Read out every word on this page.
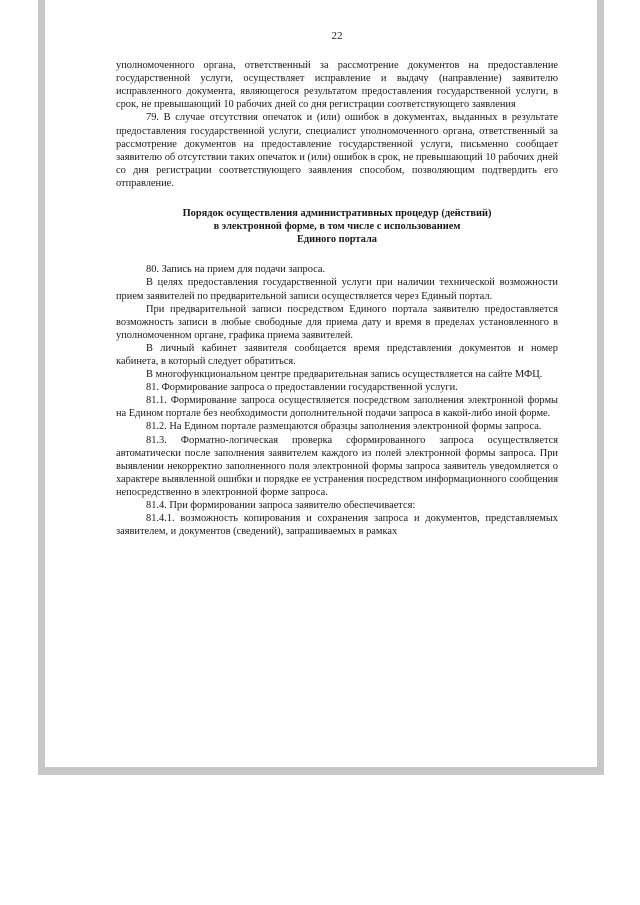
22

уполномоченного органа, ответственный за рассмотрение документов на предоставление государственной услуги, осуществляет исправление и выдачу (направление) заявителю исправленного документа, являющегося результатом предоставления государственной услуги, в срок, не превышающий 10 рабочих дней со дня регистрации соответствующего заявления

79. В случае отсутствия опечаток и (или) ошибок в документах, выданных в результате предоставления государственной услуги, специалист уполномоченного органа, ответственный за рассмотрение документов на предоставление государственной услуги, письменно сообщает заявителю об отсутствии таких опечаток и (или) ошибок в срок, не превышающий 10 рабочих дней со дня регистрации соответствующего заявления способом, позволяющим подтвердить его отправление.

Порядок осуществления административных процедур (действий)
в электронной форме, в том числе с использованием
Единого портала

80. Запись на прием для подачи запроса.

В целях предоставления государственной услуги при наличии технической возможности прием заявителей по предварительной записи осуществляется через Единый портал.

При предварительной записи посредством Единого портала заявителю предоставляется возможность записи в любые свободные для приема дату и время в пределах установленного в уполномоченном органе, графика приема заявителей.

В личный кабинет заявителя сообщается время представления документов и номер кабинета, в который следует обратиться.

В многофункциональном центре предварительная запись осуществляется на сайте МФЦ.

81. Формирование запроса о предоставлении государственной услуги.

81.1. Формирование запроса осуществляется посредством заполнения электронной формы на Едином портале без необходимости дополнительной подачи запроса в какой-либо иной форме.

81.2. На Едином портале размещаются образцы заполнения электронной формы запроса.

81.3. Форматно-логическая проверка сформированного запроса осуществляется автоматически после заполнения заявителем каждого из полей электронной формы запроса. При выявлении некорректно заполненного поля электронной формы запроса заявитель уведомляется о характере выявленной ошибки и порядке ее устранения посредством информационного сообщения непосредственно в электронной форме запроса.

81.4. При формировании запроса заявителю обеспечивается:

81.4.1. возможность копирования и сохранения запроса и документов, представляемых заявителем, и документов (сведений), запрашиваемых в рамках
